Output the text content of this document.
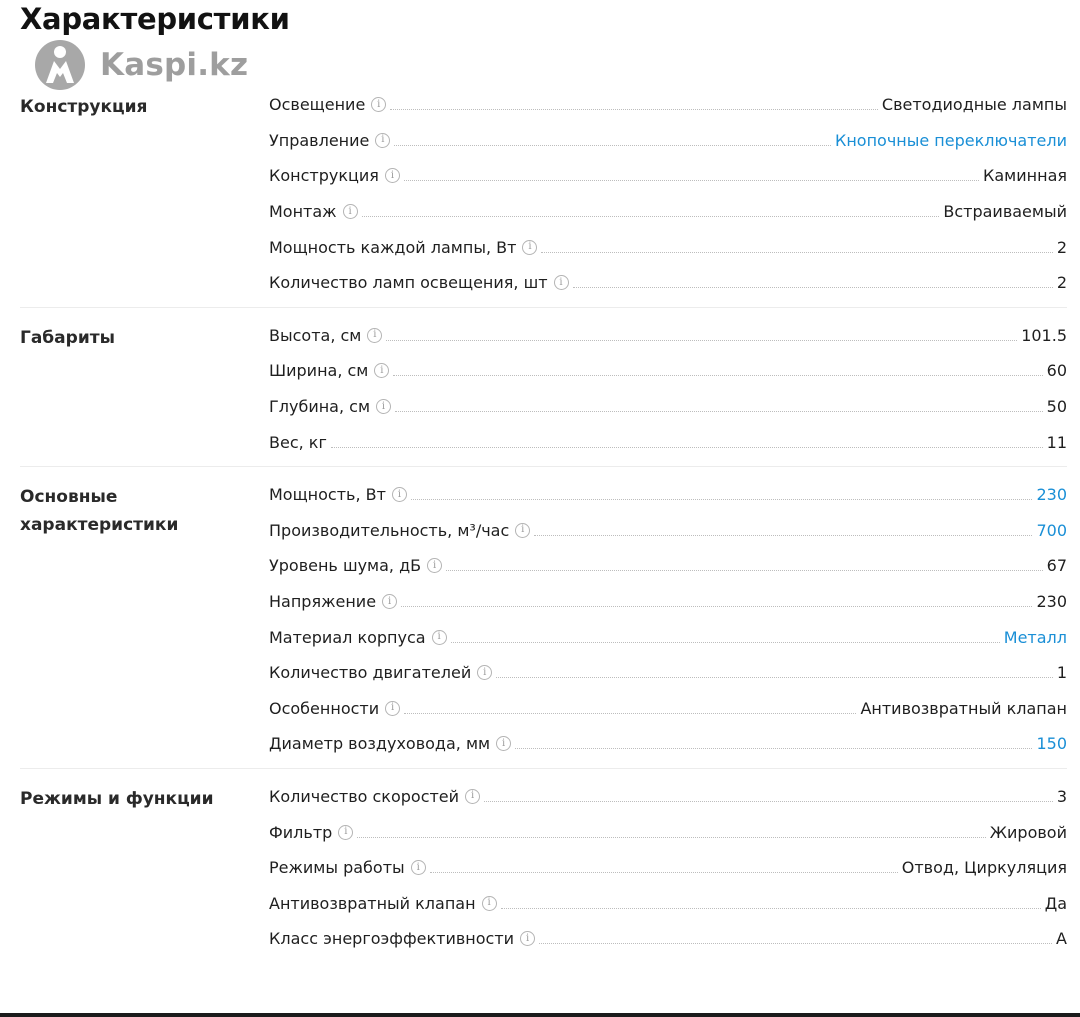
Характеристики
Kaspi.kz
Конструкция	Освещение	i	Светодиодные лампы
Управление	i	Кнопочные переключатели
Конструкция	i	Каминная
Монтаж	i	Встраиваемый
Мощность каждой лампы, Вт	i	2
Количество ламп освещения, шт	i	2
Габариты	Высота, см	i	101.5
Ширина, см	i	60
Глубина, см	i	50
Вес, кг	11
Основные характеристики
Мощность, Вт	i	230
Производительность, м³/час	i	700
Уровень шума, дБ	i	67
Напряжение	i	230
Материал корпуса	i	Металл
Количество двигателей	i	1
Особенности	i	Антивозвратный клапан
Диаметр воздуховода, мм	i	150
Режимы и функции	Количество скоростей	i	3
Фильтр	i	Жировой
Режимы работы	i	Отвод, Циркуляция
Антивозвратный клапан	i	Да
Класс энергоэффективности	i	A
